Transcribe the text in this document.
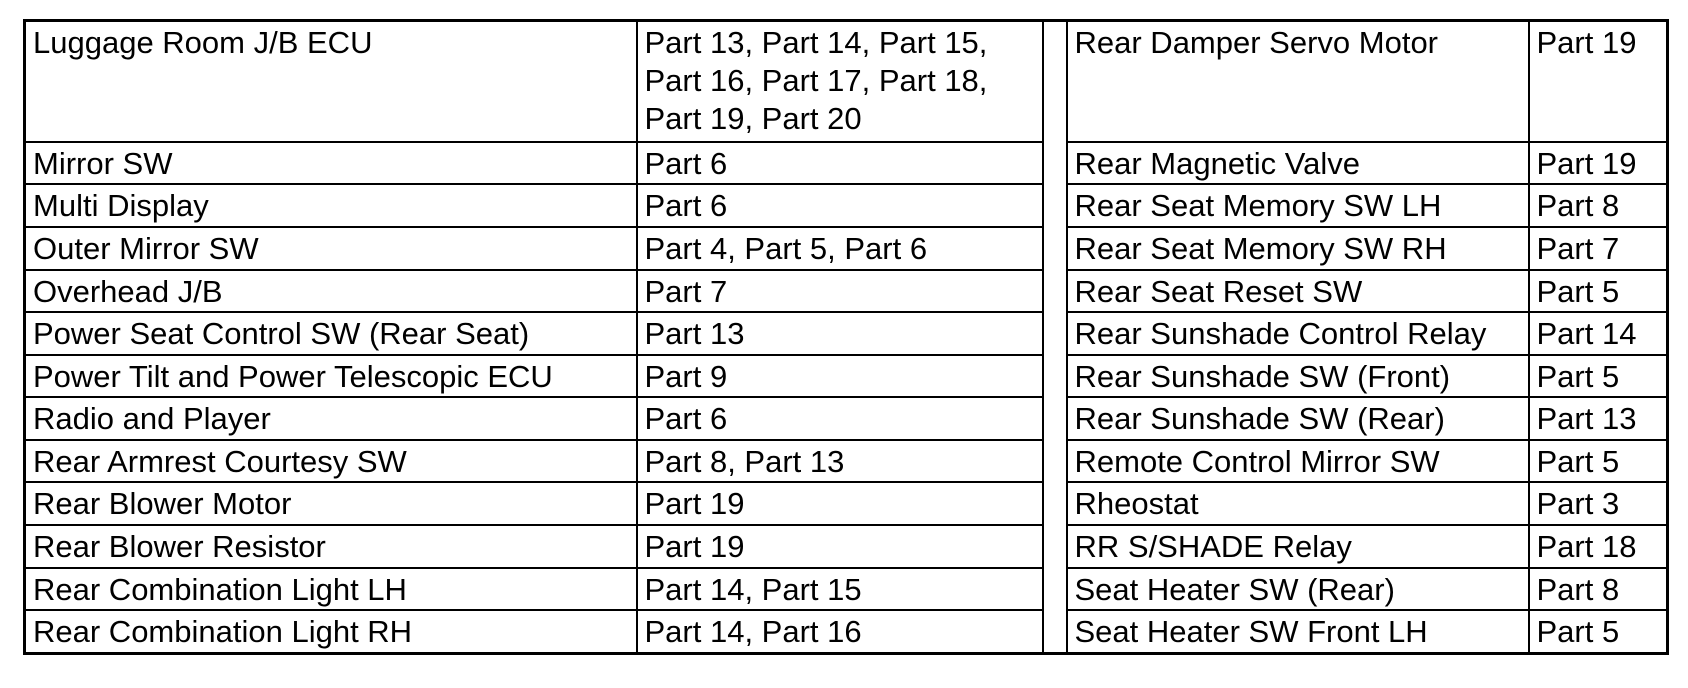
Luggage Room J/B ECU	Part 13, Part 14, Part 15, Part 16, Part 17, Part 18, Part 19, Part 20		Rear Damper Servo Motor	Part 19
Mirror SW	Part 6		Rear Magnetic Valve	Part 19
Multi Display	Part 6		Rear Seat Memory SW LH	Part 8
Outer Mirror SW	Part 4, Part 5, Part 6		Rear Seat Memory SW RH	Part 7
Overhead J/B	Part 7		Rear Seat Reset SW	Part 5
Power Seat Control SW (Rear Seat)	Part 13		Rear Sunshade Control Relay	Part 14
Power Tilt and Power Telescopic ECU	Part 9		Rear Sunshade SW (Front)	Part 5
Radio and Player	Part 6		Rear Sunshade SW (Rear)	Part 13
Rear Armrest Courtesy SW	Part 8, Part 13		Remote Control Mirror SW	Part 5
Rear Blower Motor	Part 19		Rheostat	Part 3
Rear Blower Resistor	Part 19		RR S/SHADE Relay	Part 18
Rear Combination Light LH	Part 14, Part 15		Seat Heater SW (Rear)	Part 8
Rear Combination Light RH	Part 14, Part 16		Seat Heater SW Front LH	Part 5
